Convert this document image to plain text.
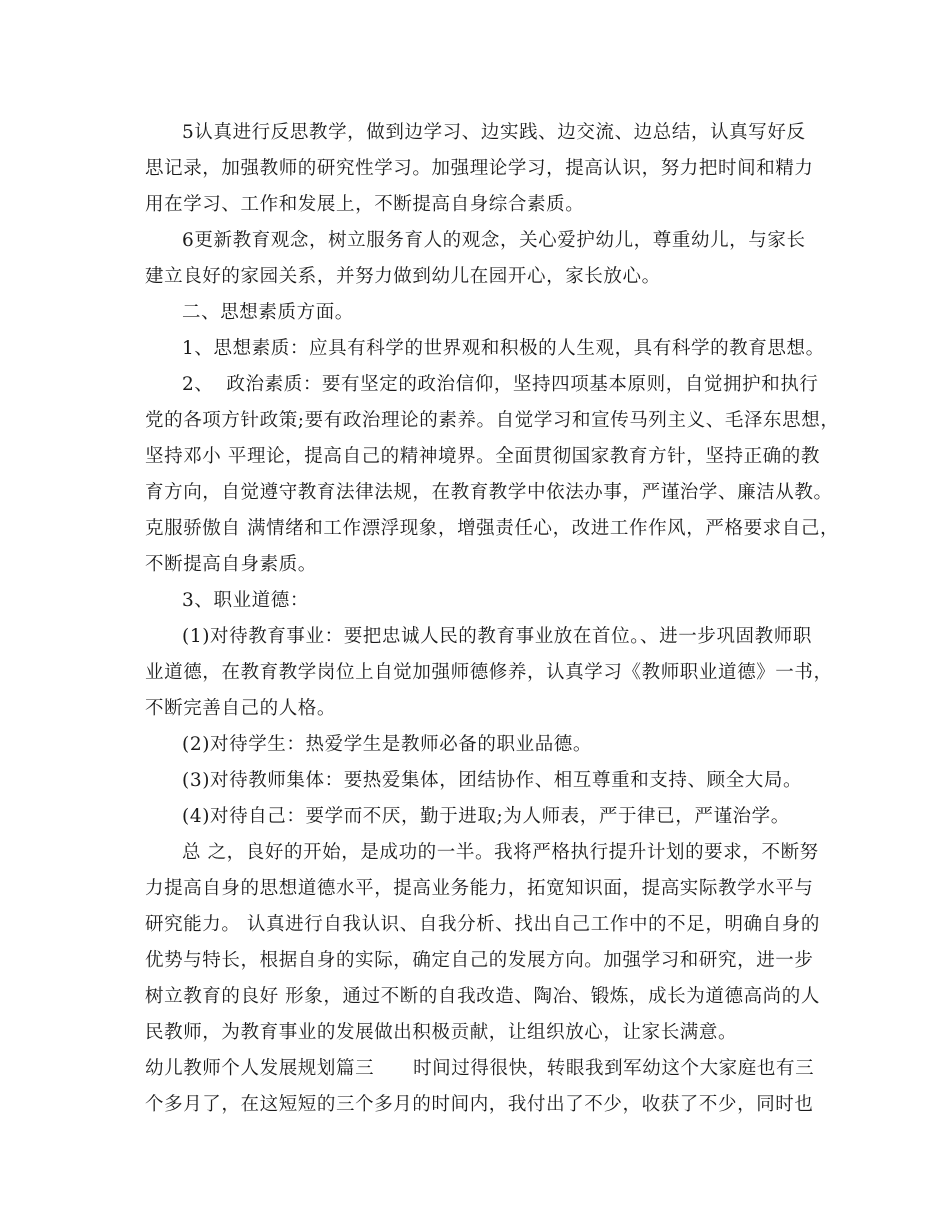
5认真进行反思教学，做到边学习、边实践、边交流、边总结，认真写好反

思记录，加强教师的研究性学习。加强理论学习，提高认识，努力把时间和精力

用在学习、工作和发展上，不断提高自身综合素质。

6更新教育观念，树立服务育人的观念，关心爱护幼儿，尊重幼儿，与家长

建立良好的家园关系，并努力做到幼儿在园开心，家长放心。

二、思想素质方面。

1、思想素质：应具有科学的世界观和积极的人生观，具有科学的教育思想。

2、  政治素质：要有坚定的政治信仰，坚持四项基本原则，自觉拥护和执行

党的各项方针政策;要有政治理论的素养。自觉学习和宣传马列主义、毛泽东思想，

坚持邓小 平理论，提高自己的精神境界。全面贯彻国家教育方针，坚持正确的教

育方向，自觉遵守教育法律法规，在教育教学中依法办事，严谨治学、廉洁从教。

克服骄傲自 满情绪和工作漂浮现象，增强责任心，改进工作作风，严格要求自己，

不断提高自身素质。

3、职业道德：

(1)对待教育事业：要把忠诚人民的教育事业放在首位。、进一步巩固教师职

业道德，在教育教学岗位上自觉加强师德修养，认真学习《教师职业道德》一书，

不断完善自己的人格。

(2)对待学生：热爱学生是教师必备的职业品德。

(3)对待教师集体：要热爱集体，团结协作、相互尊重和支持、顾全大局。

(4)对待自己：要学而不厌，勤于进取;为人师表，严于律已，严谨治学。

总 之，良好的开始，是成功的一半。我将严格执行提升计划的要求，不断努

力提高自身的思想道德水平，提高业务能力，拓宽知识面，提高实际教学水平与

研究能力。 认真进行自我认识、自我分析、找出自己工作中的不足，明确自身的

优势与特长，根据自身的实际，确定自己的发展方向。加强学习和研究，进一步

树立教育的良好 形象，通过不断的自我改造、陶冶、锻炼，成长为道德高尚的人

民教师，为教育事业的发展做出积极贡献，让组织放心，让家长满意。

幼儿教师个人发展规划篇三      时间过得很快，转眼我到军幼这个大家庭也有三

个多月了，在这短短的三个多月的时间内，我付出了不少，收获了不少，同时也
